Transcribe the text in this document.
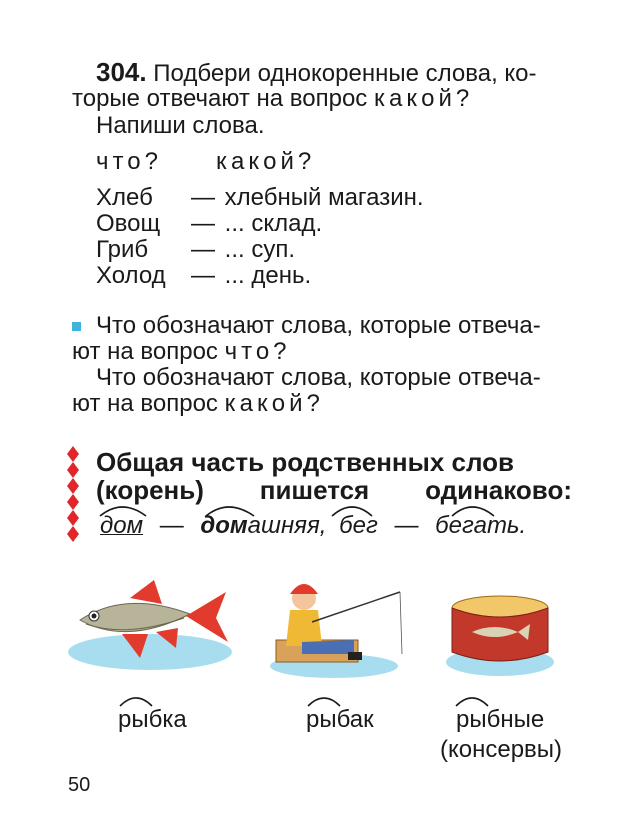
304. Подбери однокоренные слова, ко-
торые отвечают на вопрос какой?
Напиши слова.
что? какой?
Хлеб — хлебный магазин.
Овощ — ... склад.
Гриб — ... суп.
Холод — ... день.
Что обозначают слова, которые отвеча-
ют на вопрос что?
Что обозначают слова, которые отвеча-
ют на вопрос какой?
Общая часть родственных слов
(корень) пишется одинаково:
дом — домашняя, бег — бегать.
рыбка	рыбак	рыбные
(консервы)
50
